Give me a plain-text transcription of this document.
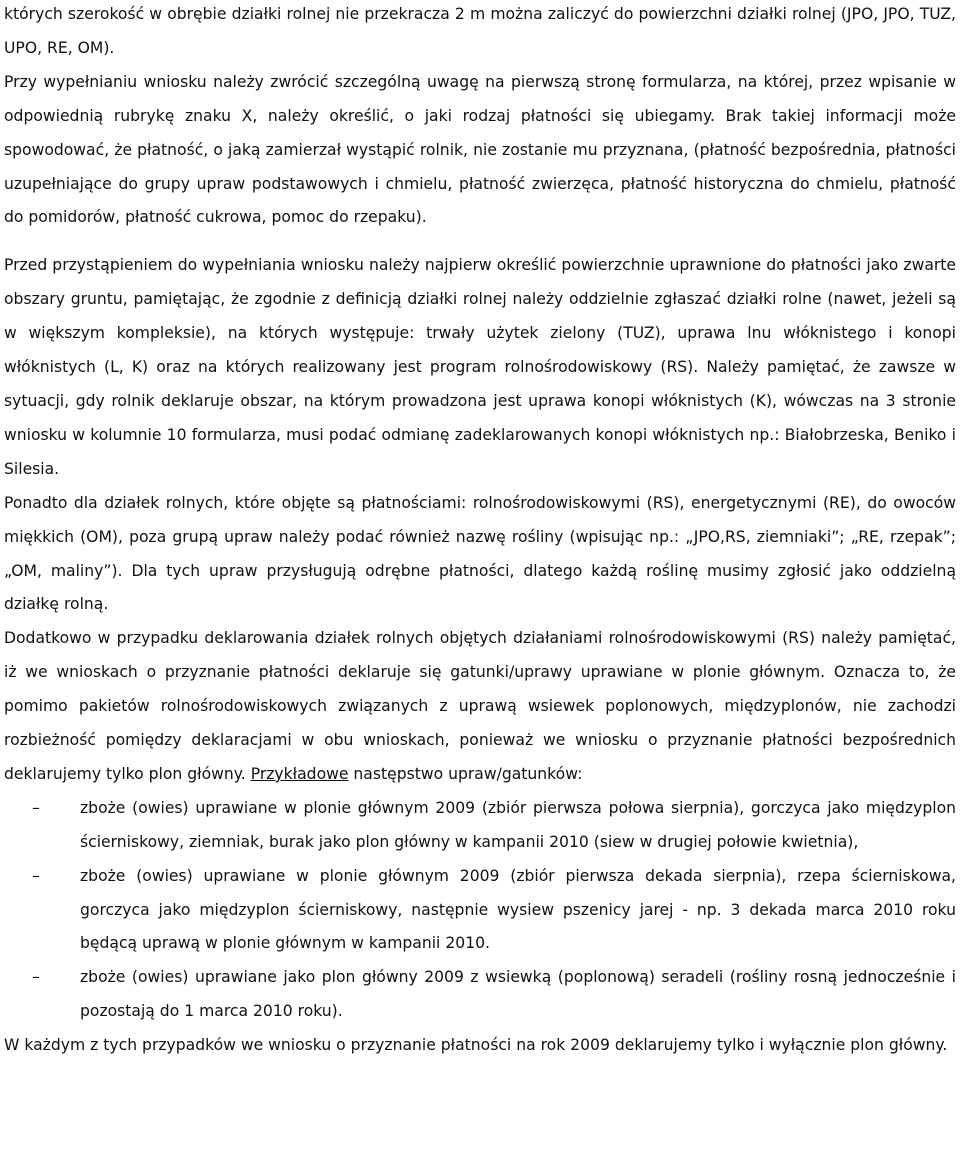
których szerokość w obrębie działki rolnej nie przekracza 2 m można zaliczyć do powierzchni działki rolnej (JPO, JPO, TUZ, UPO, RE, OM).

Przy wypełnianiu wniosku należy zwrócić szczególną uwagę na pierwszą stronę formularza, na której, przez wpisanie w odpowiednią rubrykę znaku X, należy określić, o jaki rodzaj płatności się ubiegamy. Brak takiej informacji może spowodować, że płatność, o jaką zamierzał wystąpić rolnik, nie zostanie mu przyznana, (płatność bezpośrednia, płatności uzupełniające do grupy upraw podstawowych i chmielu, płatność zwierzęca, płatność historyczna do chmielu, płatność do pomidorów, płatność cukrowa, pomoc do rzepaku).

Przed przystąpieniem do wypełniania wniosku należy najpierw określić powierzchnie uprawnione do płatności jako zwarte obszary gruntu, pamiętając, że zgodnie z definicją działki rolnej należy oddzielnie zgłaszać działki rolne (nawet, jeżeli są w większym kompleksie), na których występuje: trwały użytek zielony (TUZ), uprawa lnu włóknistego i konopi włóknistych (L, K) oraz na których realizowany jest program rolnośrodowiskowy (RS). Należy pamiętać, że zawsze w sytuacji, gdy rolnik deklaruje obszar, na którym prowadzona jest uprawa konopi włóknistych (K), wówczas na 3 stronie wniosku w kolumnie 10 formularza, musi podać odmianę zadeklarowanych konopi włóknistych np.: Białobrzeska, Beniko i Silesia.

Ponadto dla działek rolnych, które objęte są płatnościami: rolnośrodowiskowymi (RS), energetycznymi (RE), do owoców miękkich (OM), poza grupą upraw należy podać również nazwę rośliny (wpisując np.: „JPO,RS, ziemniaki”; „RE, rzepak”; „OM, maliny”). Dla tych upraw przysługują odrębne płatności, dlatego każdą roślinę musimy zgłosić jako oddzielną działkę rolną.

Dodatkowo w przypadku deklarowania działek rolnych objętych działaniami rolnośrodowiskowymi (RS) należy pamiętać, iż we wnioskach o przyznanie płatności deklaruje się gatunki/uprawy uprawiane w plonie głównym. Oznacza to, że pomimo pakietów rolnośrodowiskowych związanych z uprawą wsiewek poplonowych, międzyplonów, nie zachodzi rozbieżność pomiędzy deklaracjami w obu wnioskach, ponieważ we wniosku o przyznanie płatności bezpośrednich deklarujemy tylko plon główny. Przykładowe następstwo upraw/gatunków:

–	zboże (owies) uprawiane w plonie głównym 2009 (zbiór pierwsza połowa sierpnia), gorczyca jako międzyplon ścierniskowy, ziemniak, burak jako plon główny w kampanii 2010 (siew w drugiej połowie kwietnia),
–	zboże (owies) uprawiane w plonie głównym 2009 (zbiór pierwsza dekada sierpnia), rzepa ścierniskowa, gorczyca jako międzyplon ścierniskowy, następnie wysiew pszenicy jarej - np. 3 dekada marca 2010 roku będącą uprawą w plonie głównym w kampanii 2010.
–	zboże (owies) uprawiane jako plon główny 2009 z wsiewką (poplonową) seradeli (rośliny rosną jednocześnie i pozostają do 1 marca 2010 roku).

W każdym z tych przypadków we wniosku o przyznanie płatności na rok 2009 deklarujemy tylko i wyłącznie plon główny.
